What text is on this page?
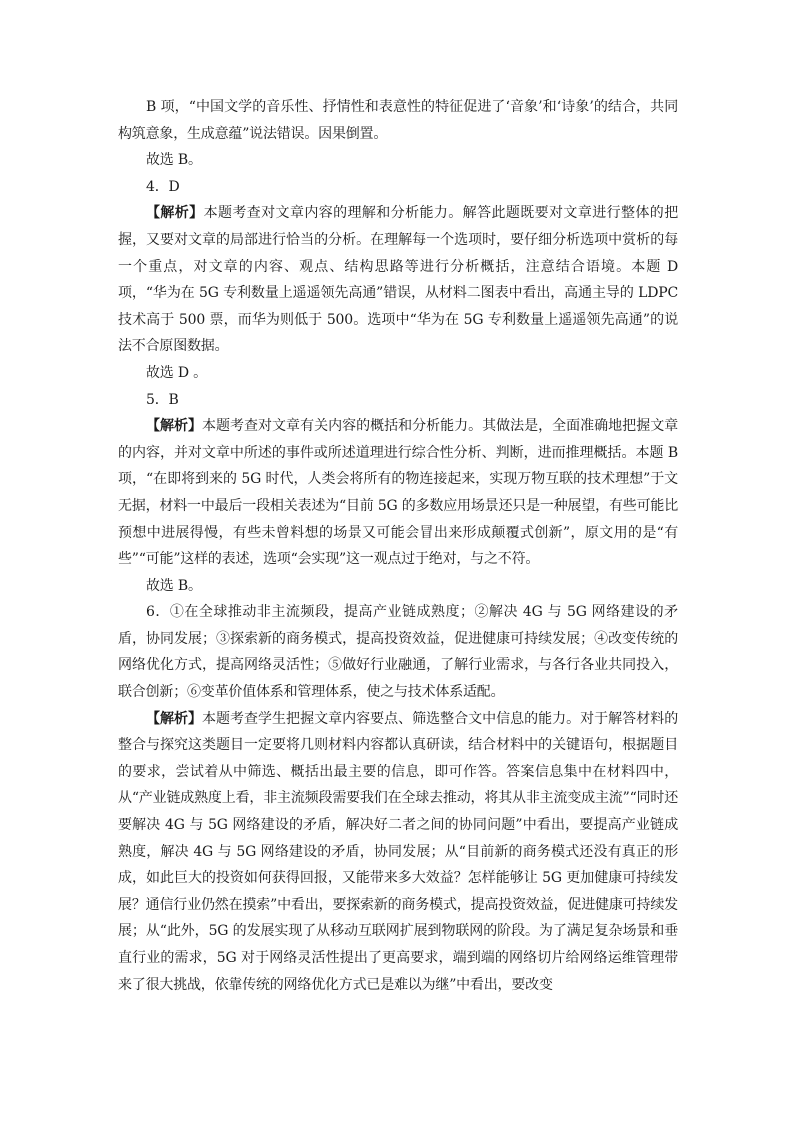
B 项，“中国文学的音乐性、抒情性和表意性的特征促进了‘音象’和‘诗象’的结合，共同构筑意象，生成意蕴”说法错误。因果倒置。

故选 B。

4．D

【解析】本题考查对文章内容的理解和分析能力。解答此题既要对文章进行整体的把握，又要对文章的局部进行恰当的分析。在理解每一个选项时，要仔细分析选项中赏析的每一个重点，对文章的内容、观点、结构思路等进行分析概括，注意结合语境。本题 D 项，“华为在 5G 专利数量上遥遥领先高通”错误，从材料二图表中看出，高通主导的 LDPC 技术高于 500 票，而华为则低于 500。选项中“华为在 5G 专利数量上遥遥领先高通”的说法不合原图数据。

故选 D 。

5．B

【解析】本题考查对文章有关内容的概括和分析能力。其做法是，全面准确地把握文章的内容，并对文章中所述的事件或所述道理进行综合性分析、判断，进而推理概括。本题 B 项，“在即将到来的 5G 时代，人类会将所有的物连接起来，实现万物互联的技术理想”于文无据，材料一中最后一段相关表述为“目前 5G 的多数应用场景还只是一种展望，有些可能比预想中进展得慢，有些未曾料想的场景又可能会冒出来形成颠覆式创新”，原文用的是“有些”“可能”这样的表述，选项“会实现”这一观点过于绝对，与之不符。

故选 B。

6．①在全球推动非主流频段，提高产业链成熟度；②解决 4G 与 5G 网络建设的矛盾，协同发展；③探索新的商务模式，提高投资效益，促进健康可持续发展；④改变传统的网络优化方式，提高网络灵活性；⑤做好行业融通，了解行业需求，与各行各业共同投入，联合创新；⑥变革价值体系和管理体系，使之与技术体系适配。

【解析】本题考查学生把握文章内容要点、筛选整合文中信息的能力。对于解答材料的整合与探究这类题目一定要将几则材料内容都认真研读，结合材料中的关键语句，根据题目的要求，尝试着从中筛选、概括出最主要的信息，即可作答。答案信息集中在材料四中，从“产业链成熟度上看，非主流频段需要我们在全球去推动，将其从非主流变成主流”“同时还要解决 4G 与 5G 网络建设的矛盾，解决好二者之间的协同问题”中看出，要提高产业链成熟度，解决 4G 与 5G 网络建设的矛盾，协同发展；从“目前新的商务模式还没有真正的形成，如此巨大的投资如何获得回报，又能带来多大效益？怎样能够让 5G 更加健康可持续发展？通信行业仍然在摸索”中看出，要探索新的商务模式，提高投资效益，促进健康可持续发展；从“此外，5G 的发展实现了从移动互联网扩展到物联网的阶段。为了满足复杂场景和垂直行业的需求，5G 对于网络灵活性提出了更高要求，端到端的网络切片给网络运维管理带来了很大挑战，依靠传统的网络优化方式已是难以为继”中看出，要改变
